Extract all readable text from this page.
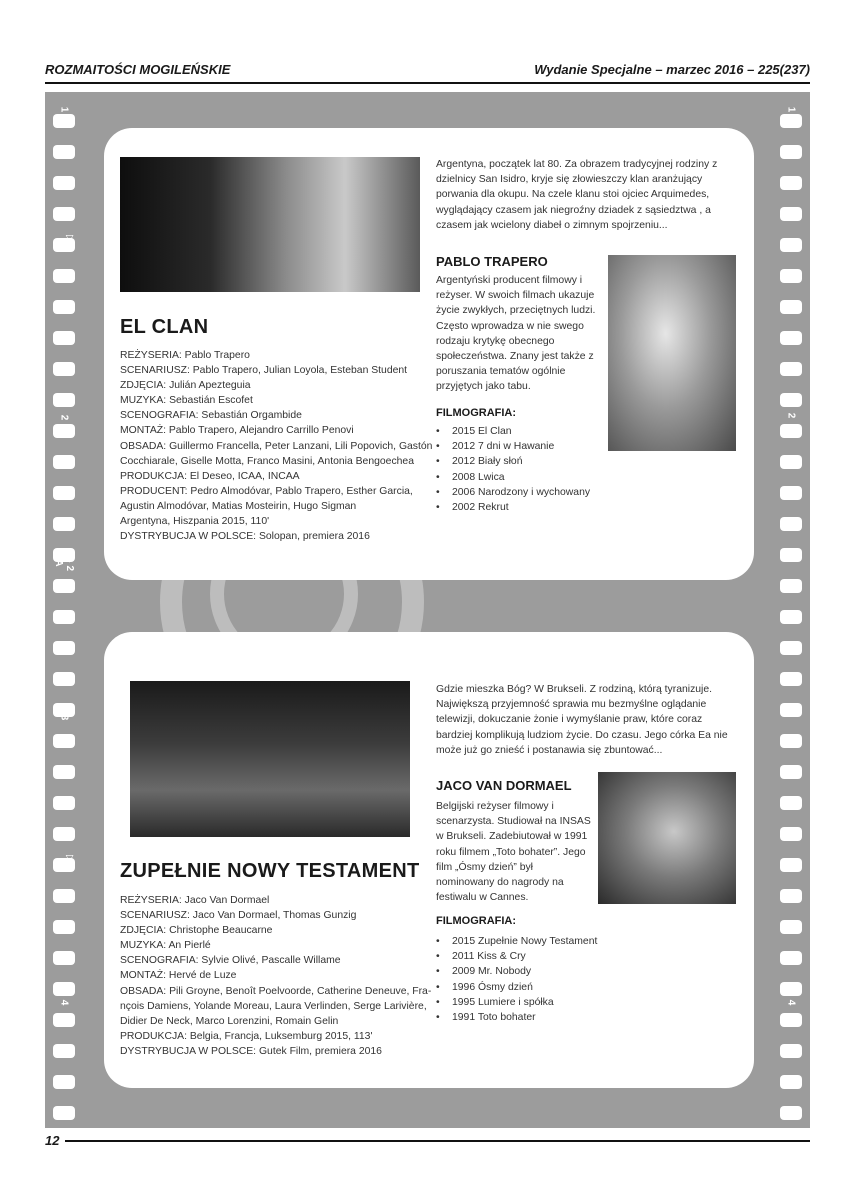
ROZMAITOŚCI MOGILEŃSKIE	Wydanie Specjalne – marzec 2016 – 225(237)
1
▷ 1 A
2
▷ 2 A
3
▷ 3 A
4
1
2
4
EL CLAN
REŻYSERIA: Pablo Trapero
SCENARIUSZ: Pablo Trapero, Julian Loyola, Esteban Student
ZDJĘCIA: Julián Apezteguia
MUZYKA: Sebastián Escofet
SCENOGRAFIA: Sebastián Orgambide
MONTAŻ: Pablo Trapero, Alejandro Carrillo Penovi
OBSADA: Guillermo Francella, Peter Lanzani, Lili Popovich, Gastón
Cocchiarale, Giselle Motta, Franco Masini, Antonia Bengoechea
PRODUKCJA: El Deseo, ICAA, INCAA
PRODUCENT: Pedro Almodóvar, Pablo Trapero, Esther Garcia,
Agustin Almodóvar, Matias Mosteirin, Hugo Sigman
Argentyna, Hiszpania 2015, 110'
DYSTRYBUCJA W POLSCE: Solopan, premiera 2016
Argentyna, początek lat 80. Za obrazem tradycyjnej rodziny z dzielnicy San Isidro, kryje się złowieszczy klan aranżujący porwania dla okupu. Na czele klanu stoi ojciec Arquimedes, wyglądający czasem jak niegroźny dziadek z sąsiedztwa , a czasem jak wcielony diabeł o zimnym spojrzeniu...
PABLO TRAPERO
Argentyński producent filmowy i reżyser. W swoich filmach ukazuje życie zwykłych, przeciętnych ludzi. Często wprowadza w nie swego rodzaju krytykę obecnego społeczeństwa. Znany jest także z poruszania tematów ogólnie przyjętych jako tabu.
FILMOGRAFIA:
• 2015 El Clan
• 2012 7 dni w Hawanie
• 2012 Biały słoń
• 2008 Lwica
• 2006 Narodzony i wychowany
• 2002 Rekrut
ZUPEŁNIE NOWY TESTAMENT
REŻYSERIA: Jaco Van Dormael
SCENARIUSZ: Jaco Van Dormael, Thomas Gunzig
ZDJĘCIA: Christophe Beaucarne
MUZYKA: An Pierlé
SCENOGRAFIA: Sylvie Olivé, Pascalle Willame
MONTAŻ: Hervé de Luze
OBSADA: Pili Groyne, Benoît Poelvoorde, Catherine Deneuve, Fra-
nçois Damiens, Yolande Moreau, Laura Verlinden, Serge Larivière,
Didier De Neck, Marco Lorenzini, Romain Gelin
PRODUKCJA: Belgia, Francja, Luksemburg 2015, 113'
DYSTRYBUCJA W POLSCE: Gutek Film, premiera 2016
Gdzie mieszka Bóg? W Brukseli. Z rodziną, którą tyranizuje. Największą przyjemność sprawia mu bezmyślne oglądanie telewizji, dokuczanie żonie i wymyślanie praw, które coraz bardziej komplikują ludziom życie. Do czasu. Jego córka Ea nie może już go znieść i postanawia się zbuntować...
JACO VAN DORMAEL
Belgijski reżyser filmowy i scenarzysta. Studiował na INSAS w Brukseli. Zadebiutował w 1991 roku filmem „Toto bohater”. Jego film „Ósmy dzień” był nominowany do nagrody na festiwalu w Cannes.
FILMOGRAFIA:
• 2015 Zupełnie Nowy Testament
• 2011 Kiss & Cry
• 2009 Mr. Nobody
• 1996 Ósmy dzień
• 1995 Lumiere i spółka
• 1991 Toto bohater
12
